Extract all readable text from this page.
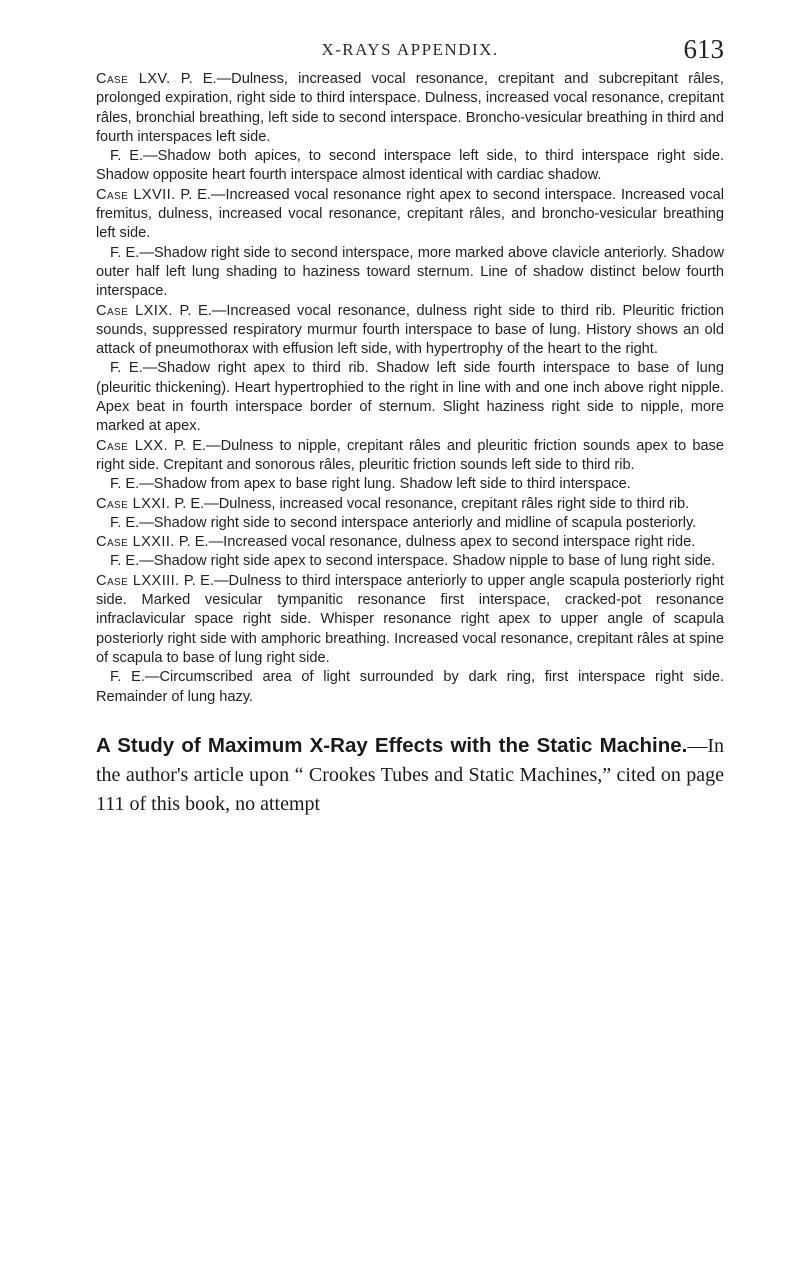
X-RAYS APPENDIX.	613

Case LXV. P. E.—Dulness, increased vocal resonance, crepitant and subcrepitant râles, prolonged expiration, right side to third interspace. Dulness, increased vocal resonance, crepitant râles, bronchial breathing, left side to second interspace. Broncho-vesicular breathing in third and fourth interspaces left side.

F. E.—Shadow both apices, to second interspace left side, to third interspace right side. Shadow opposite heart fourth interspace almost identical with cardiac shadow.

Case LXVII. P. E.—Increased vocal resonance right apex to second interspace. Increased vocal fremitus, dulness, increased vocal resonance, crepitant râles, and broncho-vesicular breathing left side.

F. E.—Shadow right side to second interspace, more marked above clavicle anteriorly. Shadow outer half left lung shading to haziness toward sternum. Line of shadow distinct below fourth interspace.

Case LXIX. P. E.—Increased vocal resonance, dulness right side to third rib. Pleuritic friction sounds, suppressed respiratory murmur fourth interspace to base of lung. History shows an old attack of pneumothorax with effusion left side, with hypertrophy of the heart to the right.

F. E.—Shadow right apex to third rib. Shadow left side fourth interspace to base of lung (pleuritic thickening). Heart hypertrophied to the right in line with and one inch above right nipple. Apex beat in fourth interspace border of sternum. Slight haziness right side to nipple, more marked at apex.

Case LXX. P. E.—Dulness to nipple, crepitant râles and pleuritic friction sounds apex to base right side. Crepitant and sonorous râles, pleuritic friction sounds left side to third rib.

F. E.—Shadow from apex to base right lung. Shadow left side to third interspace.

Case LXXI. P. E.—Dulness, increased vocal resonance, crepitant râles right side to third rib.

F. E.—Shadow right side to second interspace anteriorly and midline of scapula posteriorly.

Case LXXII. P. E.—Increased vocal resonance, dulness apex to second interspace right ride.

F. E.—Shadow right side apex to second interspace. Shadow nipple to base of lung right side.

Case LXXIII. P. E.—Dulness to third interspace anteriorly to upper angle scapula posteriorly right side. Marked vesicular tympanitic resonance first interspace, cracked-pot resonance infraclavicular space right side. Whisper resonance right apex to upper angle of scapula posteriorly right side with amphoric breathing. Increased vocal resonance, crepitant râles at spine of scapula to base of lung right side.

F. E.—Circumscribed area of light surrounded by dark ring, first interspace right side. Remainder of lung hazy.

A Study of Maximum X-Ray Effects with the Static Machine.—In the author's article upon “ Crookes Tubes and Static Machines,” cited on page 111 of this book, no attempt
